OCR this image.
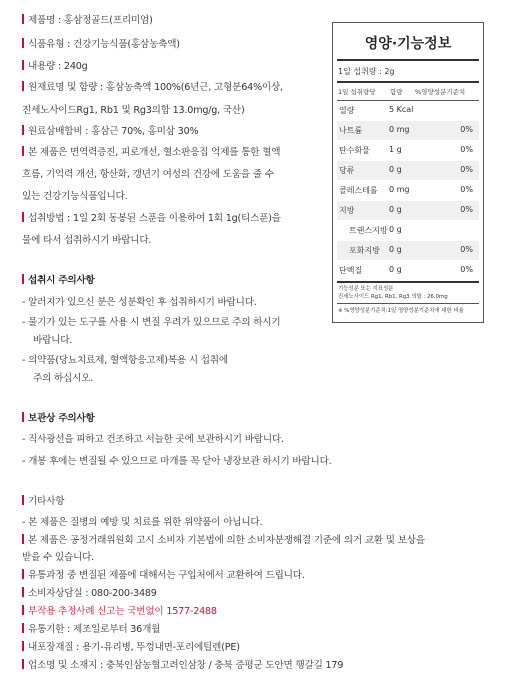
제품명 : 홍삼정골드(프리미엄)
식품유형 : 건강기능식품(홍삼농축액)
내용량 : 240g
원재료명 및 함량 : 홍삼농축액 100%(6년근, 고형분64%이상,
진세노사이드Rg1, Rb1 및 Rg3의합 13.0mg/g, 국산)
원료삼배합비 : 홍삼근 70%, 홍미삼 30%
본 제품은 면역력증진, 피로개선, 혈소판응집 억제를 통한 혈액
흐름, 기억력 개선, 항산화, 갱년기 여성의 건강에 도움을 줄 수
있는 건강기능식품입니다.
섭취방법 : 1일 2회 동봉된 스푼을 이용하여 1회 1g(티스푼)을
물에 타서 섭취하시기 바랍니다.
섭취시 주의사항
- 알러지가 있으신 분은 성분확인 후 섭취하시기 바랍니다.
- 물기가 있는 도구를 사용 시 변질 우려가 있으므로 주의 하시기
바랍니다.
- 의약품(당뇨치료제, 혈액항응고제)복용 시 섭취에
주의 하십시오.
보관상 주의사항
- 직사광선을 피하고 건조하고 서늘한 곳에 보관하시기 바랍니다.
- 개봉 후에는 변질될 수 있으므로 마개를 꼭 닫아 냉장보관 하시기 바랍니다.
기타사항
- 본 제품은 질병의 예방 및 치료를 위한 위약품이 아닙니다.
본 제품은 공정거래위원회 고시 소비자 기본법에 의한 소비자분쟁해결 기준에 의거 교환 및 보상을
받을 수 있습니다.
유통과정 중 변질된 제품에 대해서는 구입처에서 교환하여 드립니다.
소비자상담실 : 080-200-3489
부작용 추정사례 신고는 국번없이 1577-2488
유통기한 : 제조일로부터 36개월
업소명 및 소재지 : 충북인삼농협고려인삼창 / 충북 증평군 도안면 행갈길 179
영양·기능정보
1일 섭취량 : 2g
1일 섭취량당 함량 %영양성분기준치
열량	5 Kcal
나트륨	0 mg	0%
탄수화물 1 g	0%
당류	0 g	0%
콜레스테롤 0 mg	0%
지방	0 g	0%
트랜스지방 0 g
포화지방 0 g	0%
단백질	0 g	0%
기능성분 또는 지표성분
진세노사이드 Rg1, Rb1, Rg3 의합 : 26.0mg
※ %영양성분기준치:1일 영양성분기준치에 대한 비율
내포장재질 : 용기-유리병, 뚜껑내면-포리에틸렌(PE)
